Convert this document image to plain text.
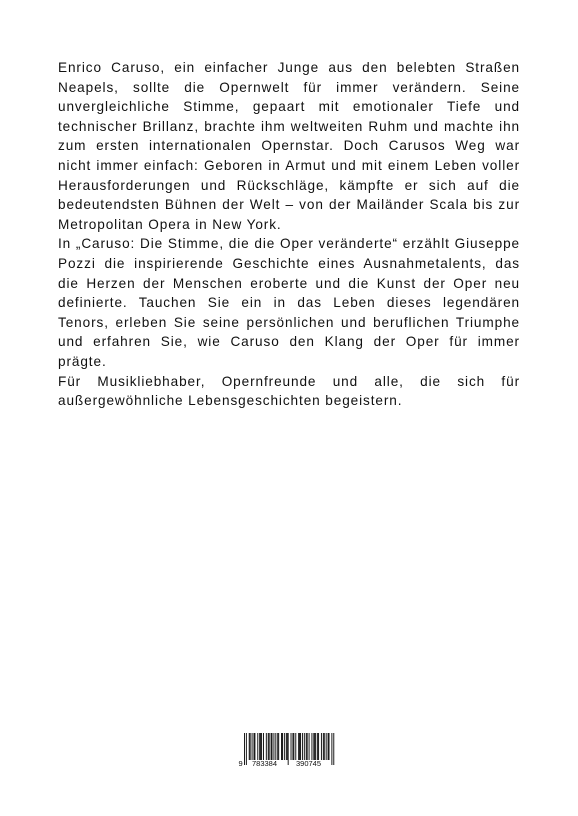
Enrico Caruso, ein einfacher Junge aus den belebten Straßen Neapels, sollte die Opernwelt für immer verändern. Seine unvergleichliche Stimme, gepaart mit emotionaler Tiefe und technischer Brillanz, brachte ihm weltweiten Ruhm und machte ihn zum ersten internationalen Opernstar. Doch Carusos Weg war nicht immer einfach: Geboren in Armut und mit einem Leben voller Herausforderungen und Rückschläge, kämpfte er sich auf die bedeutendsten Bühnen der Welt – von der Mailänder Scala bis zur Metropolitan Opera in New York.

In „Caruso: Die Stimme, die die Oper veränderte“ erzählt Giuseppe Pozzi die inspirierende Geschichte eines Ausnahmetalents, das die Herzen der Menschen eroberte und die Kunst der Oper neu definierte. Tauchen Sie ein in das Leben dieses legendären Tenors, erleben Sie seine persönlichen und beruflichen Triumphe und erfahren Sie, wie Caruso den Klang der Oper für immer prägte.

Für Musikliebhaber, Opernfreunde und alle, die sich für außergewöhnliche Lebensgeschichten begeistern.

9 783384	390745
